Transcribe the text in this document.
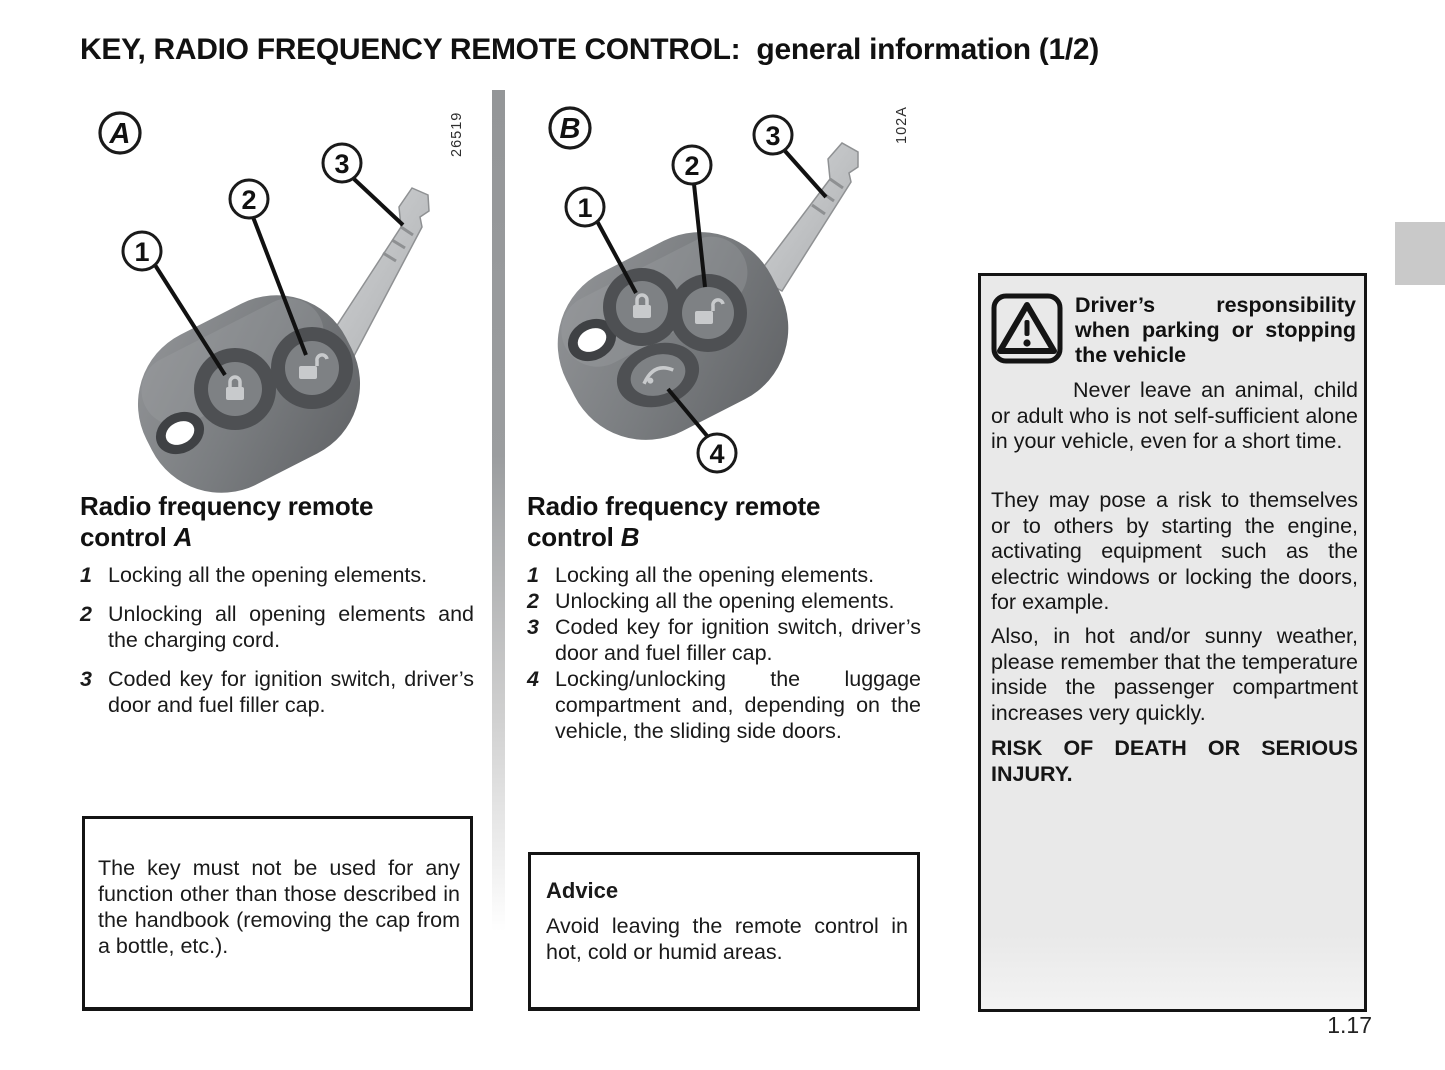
KEY, RADIO FREQUENCY REMOTE CONTROL:  general information (1/2)
1
2
3
A	26519
1
2
3
4
B	102A
Radio frequency remote
control A
1 Locking all the opening elements.
2 Unlocking all opening elements and the charging cord.
3 Coded key for ignition switch, driver’s door and fuel filler cap.
Radio frequency remote
control B
1 Locking all the opening elements.
2 Unlocking all the opening elements.
3 Coded key for ignition switch, driver’s door and fuel filler cap.
4 Locking/unlocking the luggage compartment and, depending on the vehicle, the sliding side doors.
Driver’s responsibility when parking or stopping the vehicle
Never leave an animal, child or adult who is not self-sufficient alone in your vehicle, even for a short time.
They may pose a risk to themselves or to others by starting the engine, activating equipment such as the electric windows or locking the doors, for example.
Also, in hot and/or sunny weather, please remember that the temperature inside the passenger compartment increases very quickly.
RISK OF DEATH OR SERIOUS INJURY.
The key must not be used for any function other than those described in the handbook (removing the cap from a bottle, etc.).
Advice
Avoid leaving the remote control in hot, cold or humid areas.
1.17
